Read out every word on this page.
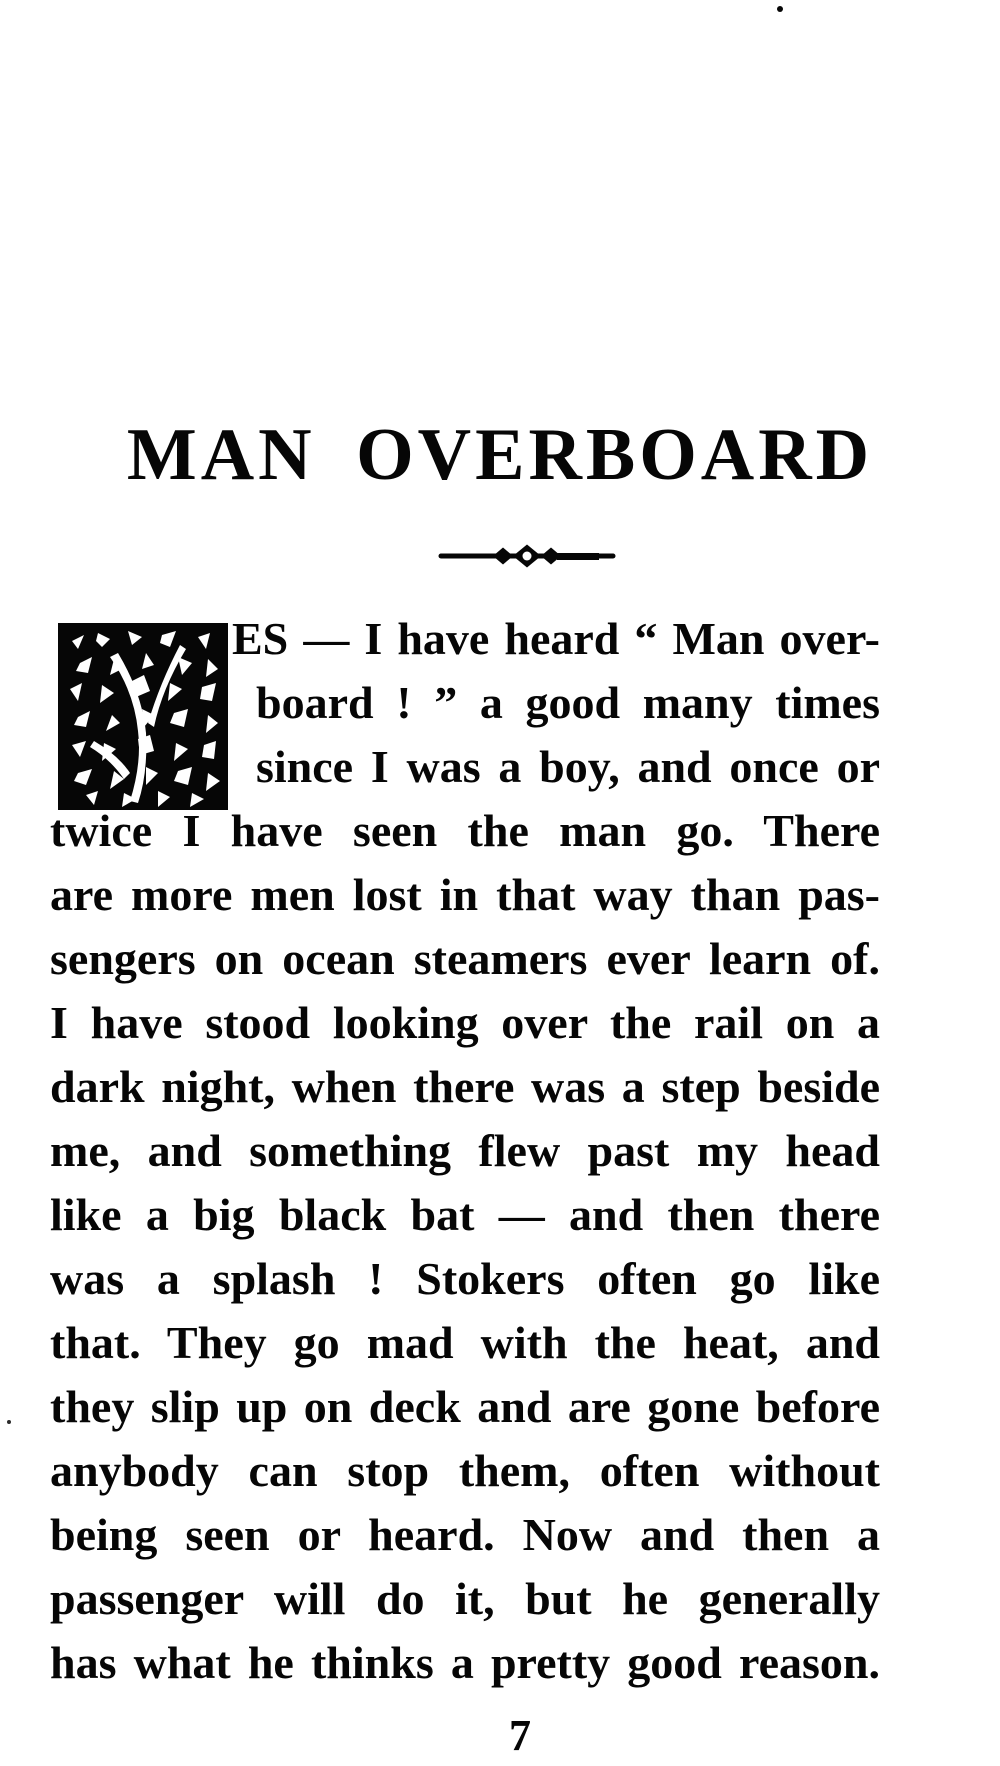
MAN OVERBOARD
ES — I have heard “ Man over-
board ! ” a good many times
since I was a boy, and once or
twice I have seen the man go. There
are more men lost in that way than pas-
sengers on ocean steamers ever learn of.
I have stood looking over the rail on a
dark night, when there was a step beside
me, and something flew past my head
like a big black bat — and then there
was a splash ! Stokers often go like
that. They go mad with the heat, and
they slip up on deck and are gone before
anybody can stop them, often without
being seen or heard. Now and then a
passenger will do it, but he generally
has what he thinks a pretty good reason.
7
